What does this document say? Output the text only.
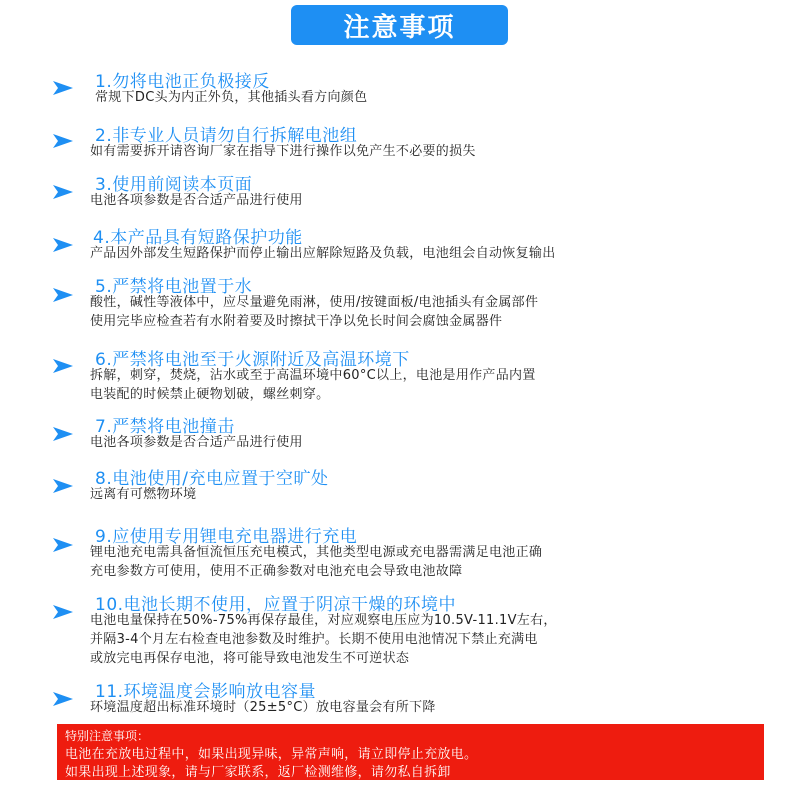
注意事项
1.勿将电池正负极接反
常规下DC头为内正外负，其他插头看方向颜色
2.非专业人员请勿自行拆解电池组
如有需要拆开请咨询厂家在指导下进行操作以免产生不必要的损失
3.使用前阅读本页面
电池各项参数是否合适产品进行使用
4.本产品具有短路保护功能
产品因外部发生短路保护而停止输出应解除短路及负载，电池组会自动恢复输出
5.严禁将电池置于水
酸性，碱性等液体中，应尽量避免雨淋，使用/按键面板/电池插头有金属部件
使用完毕应检查若有水附着要及时擦拭干净以免长时间会腐蚀金属器件
6.严禁将电池至于火源附近及高温环境下
拆解，刺穿，焚烧，沾水或至于高温环境中60°C以上，电池是用作产品内置
电装配的时候禁止硬物划破，螺丝刺穿。
7.严禁将电池撞击
电池各项参数是否合适产品进行使用
8.电池使用/充电应置于空旷处
远离有可燃物环境
9.应使用专用锂电充电器进行充电
锂电池充电需具备恒流恒压充电模式，其他类型电源或充电器需满足电池正确
充电参数方可使用，使用不正确参数对电池充电会导致电池故障
10.电池长期不使用，应置于阴凉干燥的环境中
电池电量保持在50%-75%再保存最佳，对应观察电压应为10.5V-11.1V左右，
并隔3-4个月左右检查电池参数及时维护。长期不使用电池情况下禁止充满电
或放完电再保存电池，将可能导致电池发生不可逆状态
11.环境温度会影响放电容量
环境温度超出标准环境时（25±5°C）放电容量会有所下降
特别注意事项：
电池在充放电过程中，如果出现异味，异常声响，请立即停止充放电。
如果出现上述现象，请与厂家联系，返厂检测维修，请勿私自拆卸
